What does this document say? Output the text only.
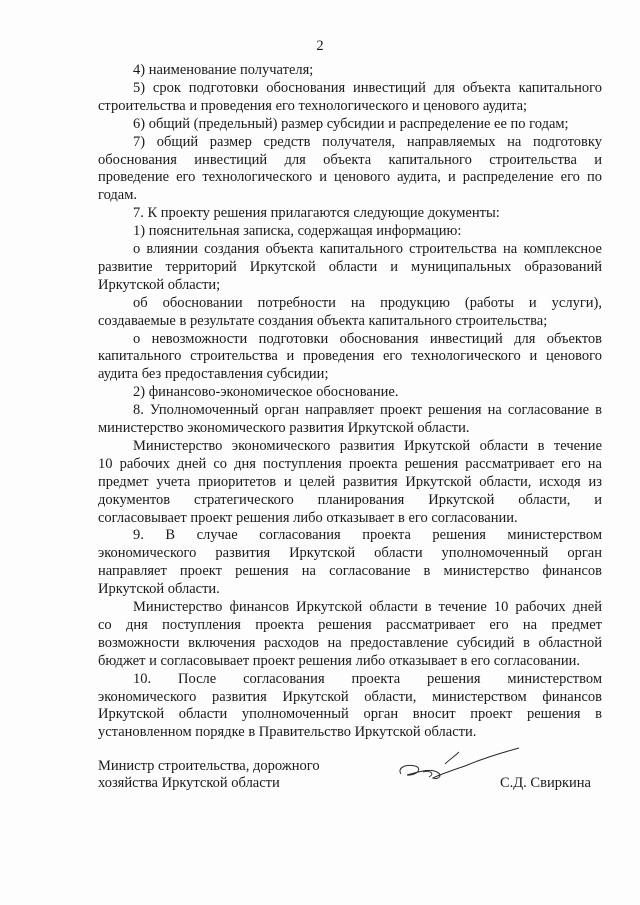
2
4) наименование получателя;
5) срок подготовки обоснования инвестиций для объекта капитального
строительства и проведения его технологического и ценового аудита;
6) общий (предельный) размер субсидии и распределение ее по годам;
7) общий размер средств получателя, направляемых на подготовку
обоснования инвестиций для объекта капитального строительства и
проведение его технологического и ценового аудита, и распределение его по
годам.
7. К проекту решения прилагаются следующие документы:
1) пояснительная записка, содержащая информацию:
о влиянии создания объекта капитального строительства на комплексное
развитие территорий Иркутской области и муниципальных образований
Иркутской области;
об обосновании потребности на продукцию (работы и услуги),
создаваемые в результате создания объекта капитального строительства;
о невозможности подготовки обоснования инвестиций для объектов
капитального строительства и проведения его технологического и ценового
аудита без предоставления субсидии;
2) финансово-экономическое обоснование.
8. Уполномоченный орган направляет проект решения на согласование в
министерство экономического развития Иркутской области.
Министерство экономического развития Иркутской области в течение
10 рабочих дней со дня поступления проекта решения рассматривает его на
предмет учета приоритетов и целей развития Иркутской области, исходя из
документов стратегического планирования Иркутской области, и
согласовывает проект решения либо отказывает в его согласовании.
9. В случае согласования проекта решения министерством
экономического развития Иркутской области уполномоченный орган
направляет проект решения на согласование в министерство финансов
Иркутской области.
Министерство финансов Иркутской области в течение 10 рабочих дней
со дня поступления проекта решения рассматривает его на предмет
возможности включения расходов на предоставление субсидий в областной
бюджет и согласовывает проект решения либо отказывает в его согласовании.
10. После согласования проекта решения министерством
экономического развития Иркутской области, министерством финансов
Иркутской области уполномоченный орган вносит проект решения в
установленном порядке в Правительство Иркутской области.
Министр строительства, дорожного
хозяйства Иркутской области	С.Д. Свиркина
